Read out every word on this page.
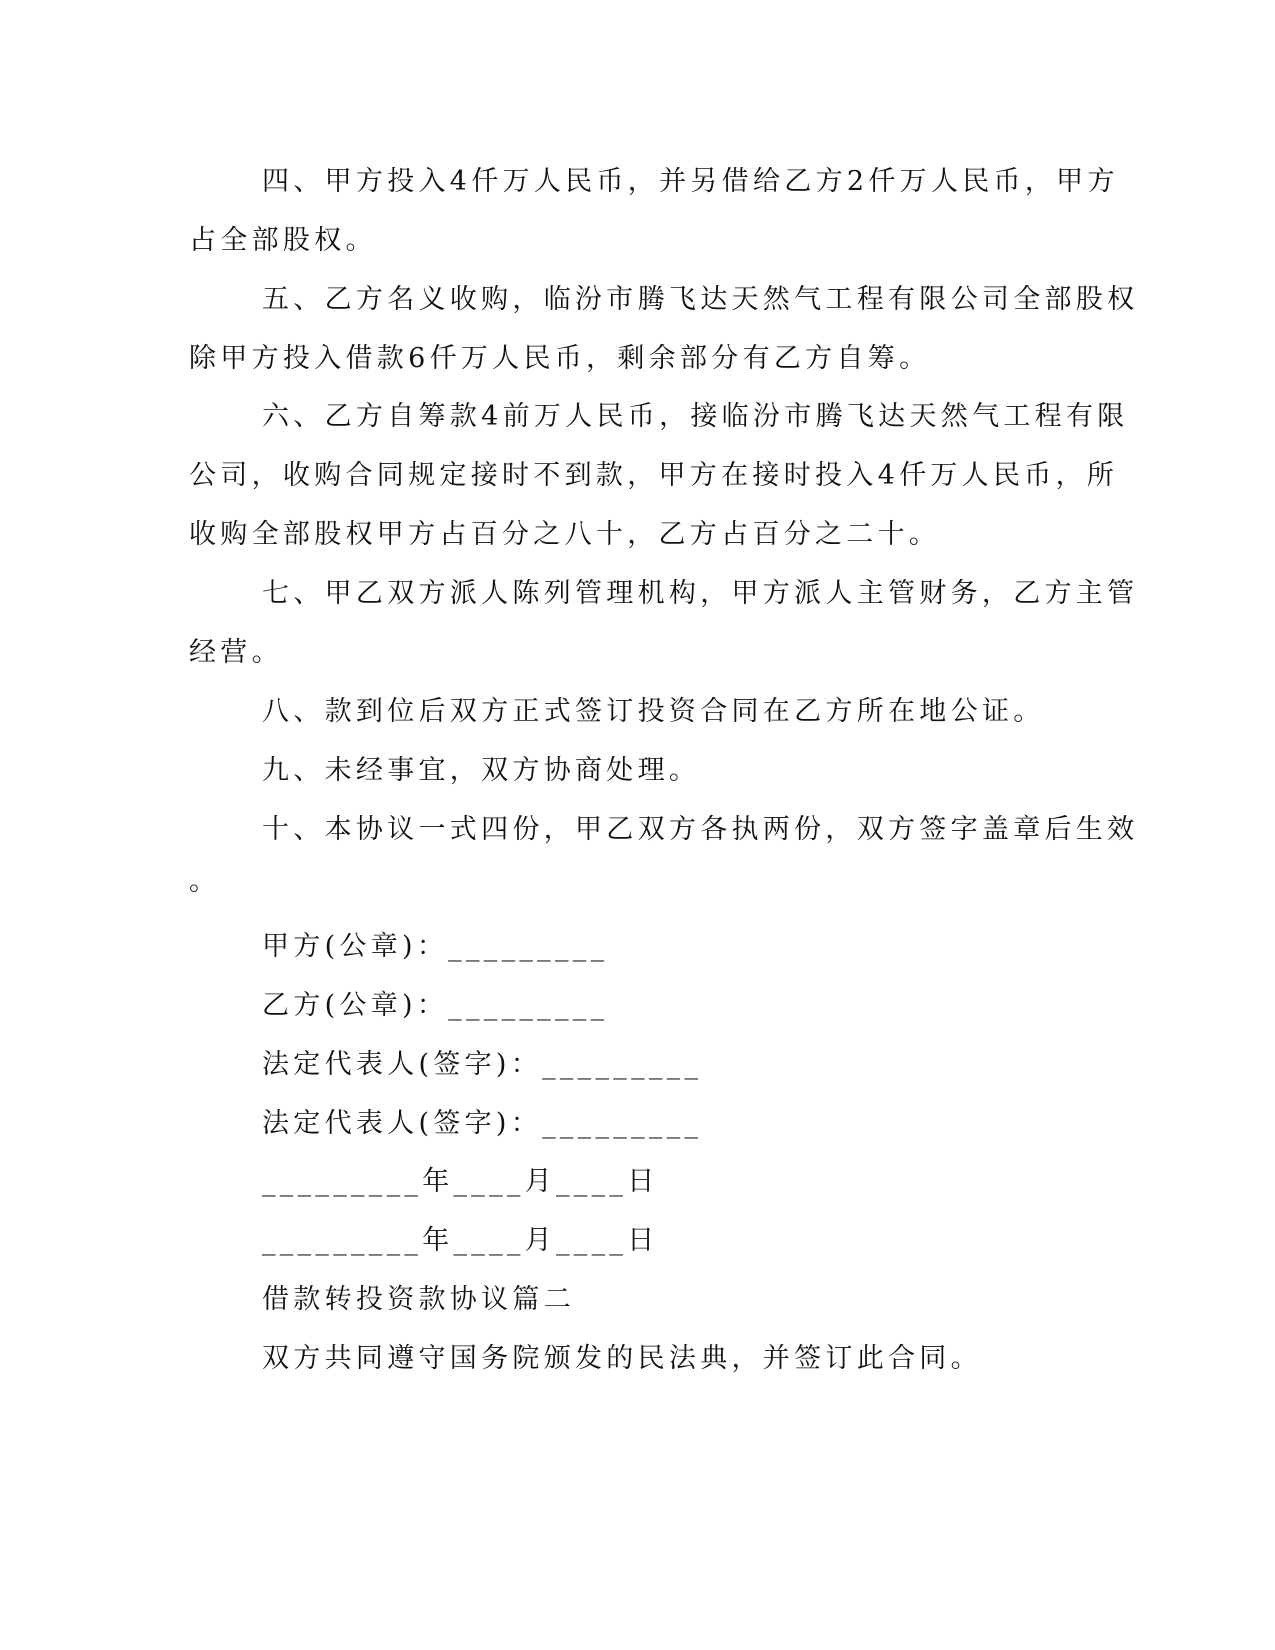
四、甲方投入4仟万人民币，并另借给乙方2仟万人民币，甲方
占全部股权。
五、乙方名义收购，临汾市腾飞达天然气工程有限公司全部股权
除甲方投入借款6仟万人民币，剩余部分有乙方自筹。
六、乙方自筹款4前万人民币，接临汾市腾飞达天然气工程有限
公司，收购合同规定接时不到款，甲方在接时投入4仟万人民币，所
收购全部股权甲方占百分之八十，乙方占百分之二十。
七、甲乙双方派人陈列管理机构，甲方派人主管财务，乙方主管
经营。
八、款到位后双方正式签订投资合同在乙方所在地公证。
九、未经事宜，双方协商处理。
十、本协议一式四份，甲乙双方各执两份，双方签字盖章后生效
。
甲方(公章)：_________
乙方(公章)：_________
法定代表人(签字)：_________
法定代表人(签字)：_________
_________年____月____日
_________年____月____日
借款转投资款协议篇二
双方共同遵守国务院颁发的民法典，并签订此合同。
